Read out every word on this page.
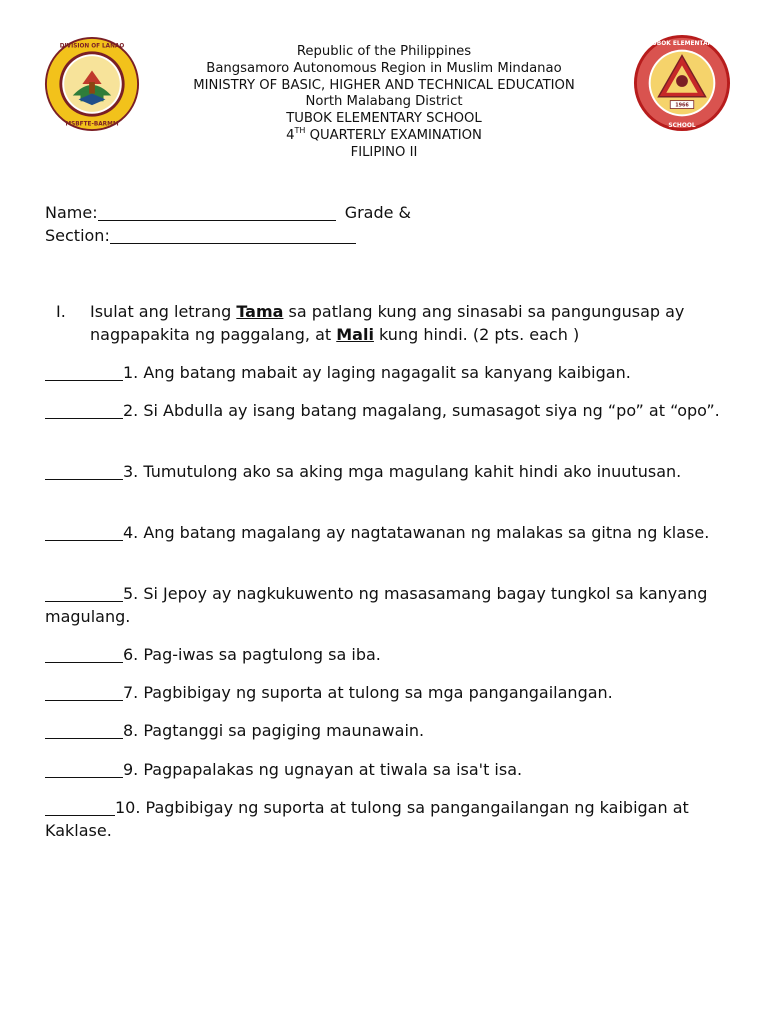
DIVISION OF LANAO
MSBFTE-BARMM
1966
TUBOK ELEMENTARY
SCHOOL
Republic of the Philippines
Bangsamoro Autonomous Region in Muslim Mindanao
MINISTRY OF BASIC, HIGHER AND TECHNICAL EDUCATION
North Malabang District
TUBOK ELEMENTARY SCHOOL
4TH QUARTERLY EXAMINATION
FILIPINO II
Name:	Grade &
Section:
I. Isulat ang letrang Tama sa patlang kung ang sinasabi sa pangungusap ay nagpapakita ng paggalang, at Mali kung hindi. (2 pts. each )
1. Ang batang mabait ay laging nagagalit sa kanyang kaibigan.
2. Si Abdulla ay isang batang magalang, sumasagot siya ng “po” at “opo”.
3. Tumutulong ako sa aking mga magulang kahit hindi ako inuutusan.
4. Ang batang magalang ay nagtatawanan ng malakas sa gitna ng klase.
5. Si Jepoy ay nagkukuwento ng masasamang bagay tungkol sa kanyang magulang.
6. Pag-iwas sa pagtulong sa iba.
7. Pagbibigay ng suporta at tulong sa mga pangangailangan.
8. Pagtanggi sa pagiging maunawain.
9. Pagpapalakas ng ugnayan at tiwala sa isa't isa.
10. Pagbibigay ng suporta at tulong sa pangangailangan ng kaibigan at Kaklase.
